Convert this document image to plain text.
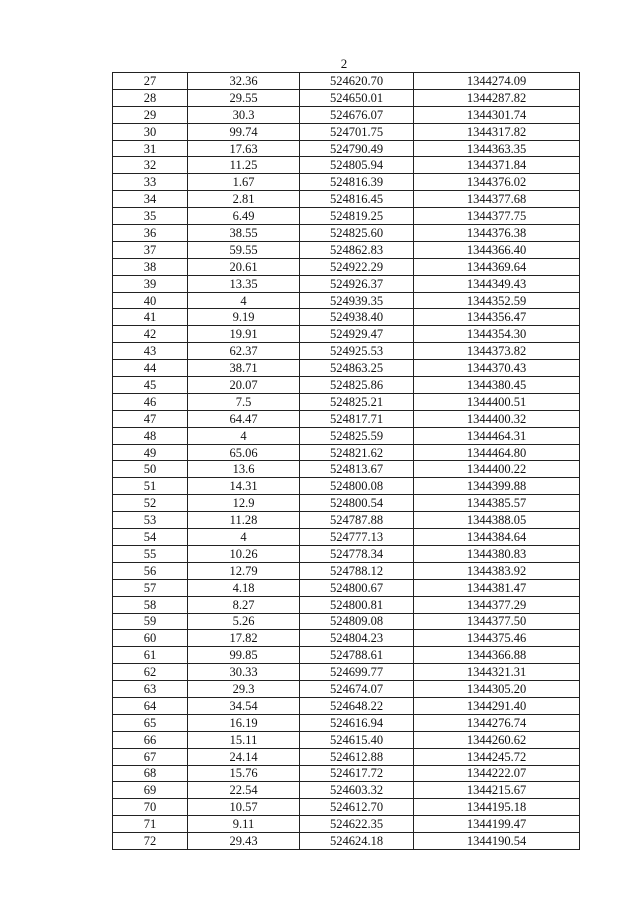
2
27	32.36	524620.70	1344274.09
28	29.55	524650.01	1344287.82
29	30.3	524676.07	1344301.74
30	99.74	524701.75	1344317.82
31	17.63	524790.49	1344363.35
32	11.25	524805.94	1344371.84
33	1.67	524816.39	1344376.02
34	2.81	524816.45	1344377.68
35	6.49	524819.25	1344377.75
36	38.55	524825.60	1344376.38
37	59.55	524862.83	1344366.40
38	20.61	524922.29	1344369.64
39	13.35	524926.37	1344349.43
40	4	524939.35	1344352.59
41	9.19	524938.40	1344356.47
42	19.91	524929.47	1344354.30
43	62.37	524925.53	1344373.82
44	38.71	524863.25	1344370.43
45	20.07	524825.86	1344380.45
46	7.5	524825.21	1344400.51
47	64.47	524817.71	1344400.32
48	4	524825.59	1344464.31
49	65.06	524821.62	1344464.80
50	13.6	524813.67	1344400.22
51	14.31	524800.08	1344399.88
52	12.9	524800.54	1344385.57
53	11.28	524787.88	1344388.05
54	4	524777.13	1344384.64
55	10.26	524778.34	1344380.83
56	12.79	524788.12	1344383.92
57	4.18	524800.67	1344381.47
58	8.27	524800.81	1344377.29
59	5.26	524809.08	1344377.50
60	17.82	524804.23	1344375.46
61	99.85	524788.61	1344366.88
62	30.33	524699.77	1344321.31
63	29.3	524674.07	1344305.20
64	34.54	524648.22	1344291.40
65	16.19	524616.94	1344276.74
66	15.11	524615.40	1344260.62
67	24.14	524612.88	1344245.72
68	15.76	524617.72	1344222.07
69	22.54	524603.32	1344215.67
70	10.57	524612.70	1344195.18
71	9.11	524622.35	1344199.47
72	29.43	524624.18	1344190.54
